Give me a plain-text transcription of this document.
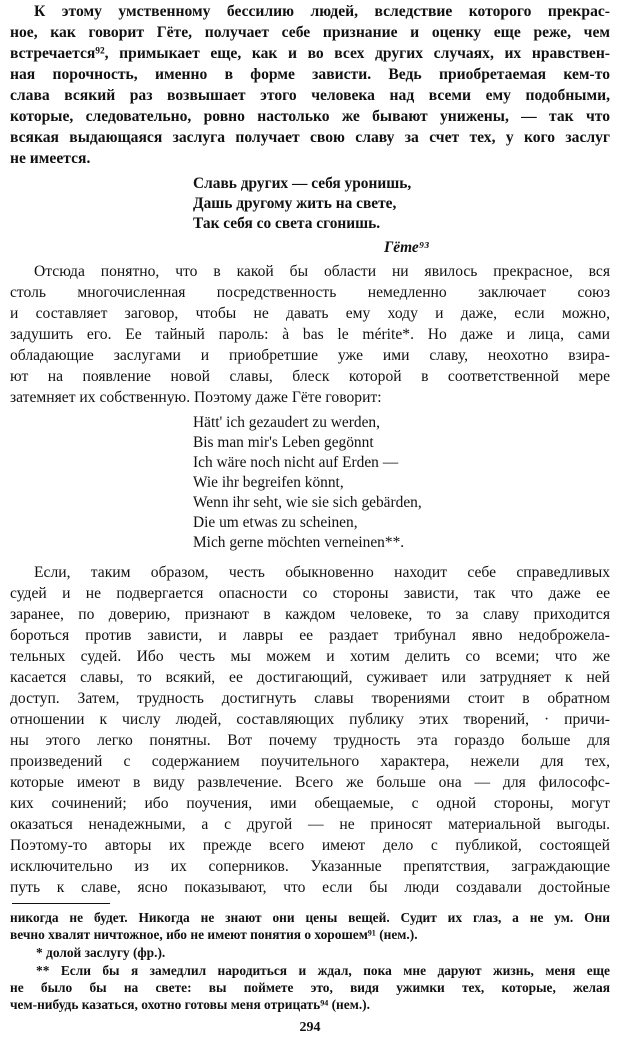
К этому умственному бессилию людей, вследствие которого прекрас-
ное, как говорит Гёте, получает себе признание и оценку еще реже, чем
встречается⁹², примыкает еще, как и во всех других случаях, их нравствен-
ная порочность, именно в форме зависти. Ведь приобретаемая кем-то
слава всякий раз возвышает этого человека над всеми ему подобными,
которые, следовательно, ровно настолько же бывают унижены, — так что
всякая выдающаяся заслуга получает свою славу за счет тех, у кого заслуг
не имеется.
Славь других — себя уронишь,
Дашь другому жить на свете,
Так себя со света сгонишь.
Гёте⁹³
Отсюда понятно, что в какой бы области ни явилось прекрасное, вся
столь многочисленная посредственность немедленно заключает союз
и составляет заговор, чтобы не давать ему ходу и даже, если можно,
задушить его. Ее тайный пароль: à bas le mérite*. Но даже и лица, сами
обладающие заслугами и приобретшие уже ими славу, неохотно взира-
ют на появление новой славы, блеск которой в соответственной мере
затемняет их собственную. Поэтому даже Гёте говорит:
Hätt' ich gezaudert zu werden,
Bis man mir's Leben gegönnt
Ich wäre noch nicht auf Erden —
Wie ihr begreifen könnt,
Wenn ihr seht, wie sie sich gebärden,
Die um etwas zu scheinen,
Mich gerne möchten verneinen**.
Если, таким образом, честь обыкновенно находит себе справедливых
судей и не подвергается опасности со стороны зависти, так что даже ее
заранее, по доверию, признают в каждом человеке, то за славу приходится
бороться против зависти, и лавры ее раздает трибунал явно недоброжела-
тельных судей. Ибо честь мы можем и хотим делить со всеми; что же
касается славы, то всякий, ее достигающий, суживает или затрудняет к ней
доступ. Затем, трудность достигнуть славы творениями стоит в обратном
отношении к числу людей, составляющих публику этих творений, · причи-
ны этого легко понятны. Вот почему трудность эта гораздо больше для
произведений с содержанием поучительного характера, нежели для тех,
которые имеют в виду развлечение. Всего же больше она — для философс-
ких сочинений; ибо поучения, ими обещаемые, с одной стороны, могут
оказаться ненадежными, а с другой — не приносят материальной выгоды.
Поэтому-то авторы их прежде всего имеют дело с публикой, состоящей
исключительно из их соперников. Указанные препятствия, заграждающие
путь к славе, ясно показывают, что если бы люди создавали достойные
никогда не будет. Никогда не знают они цены вещей. Судит их глаз, а не ум. Они
вечно хвалят ничтожное, ибо не имеют понятия о хорошем⁹¹ (нем.).
* долой заслугу (фр.).
** Если бы я замедлил народиться и ждал, пока мне даруют жизнь, меня еще
не было бы на свете: вы поймете это, видя ужимки тех, которые, желая
чем-нибудь казаться, охотно готовы меня отрицать⁹⁴ (нем.).
294
